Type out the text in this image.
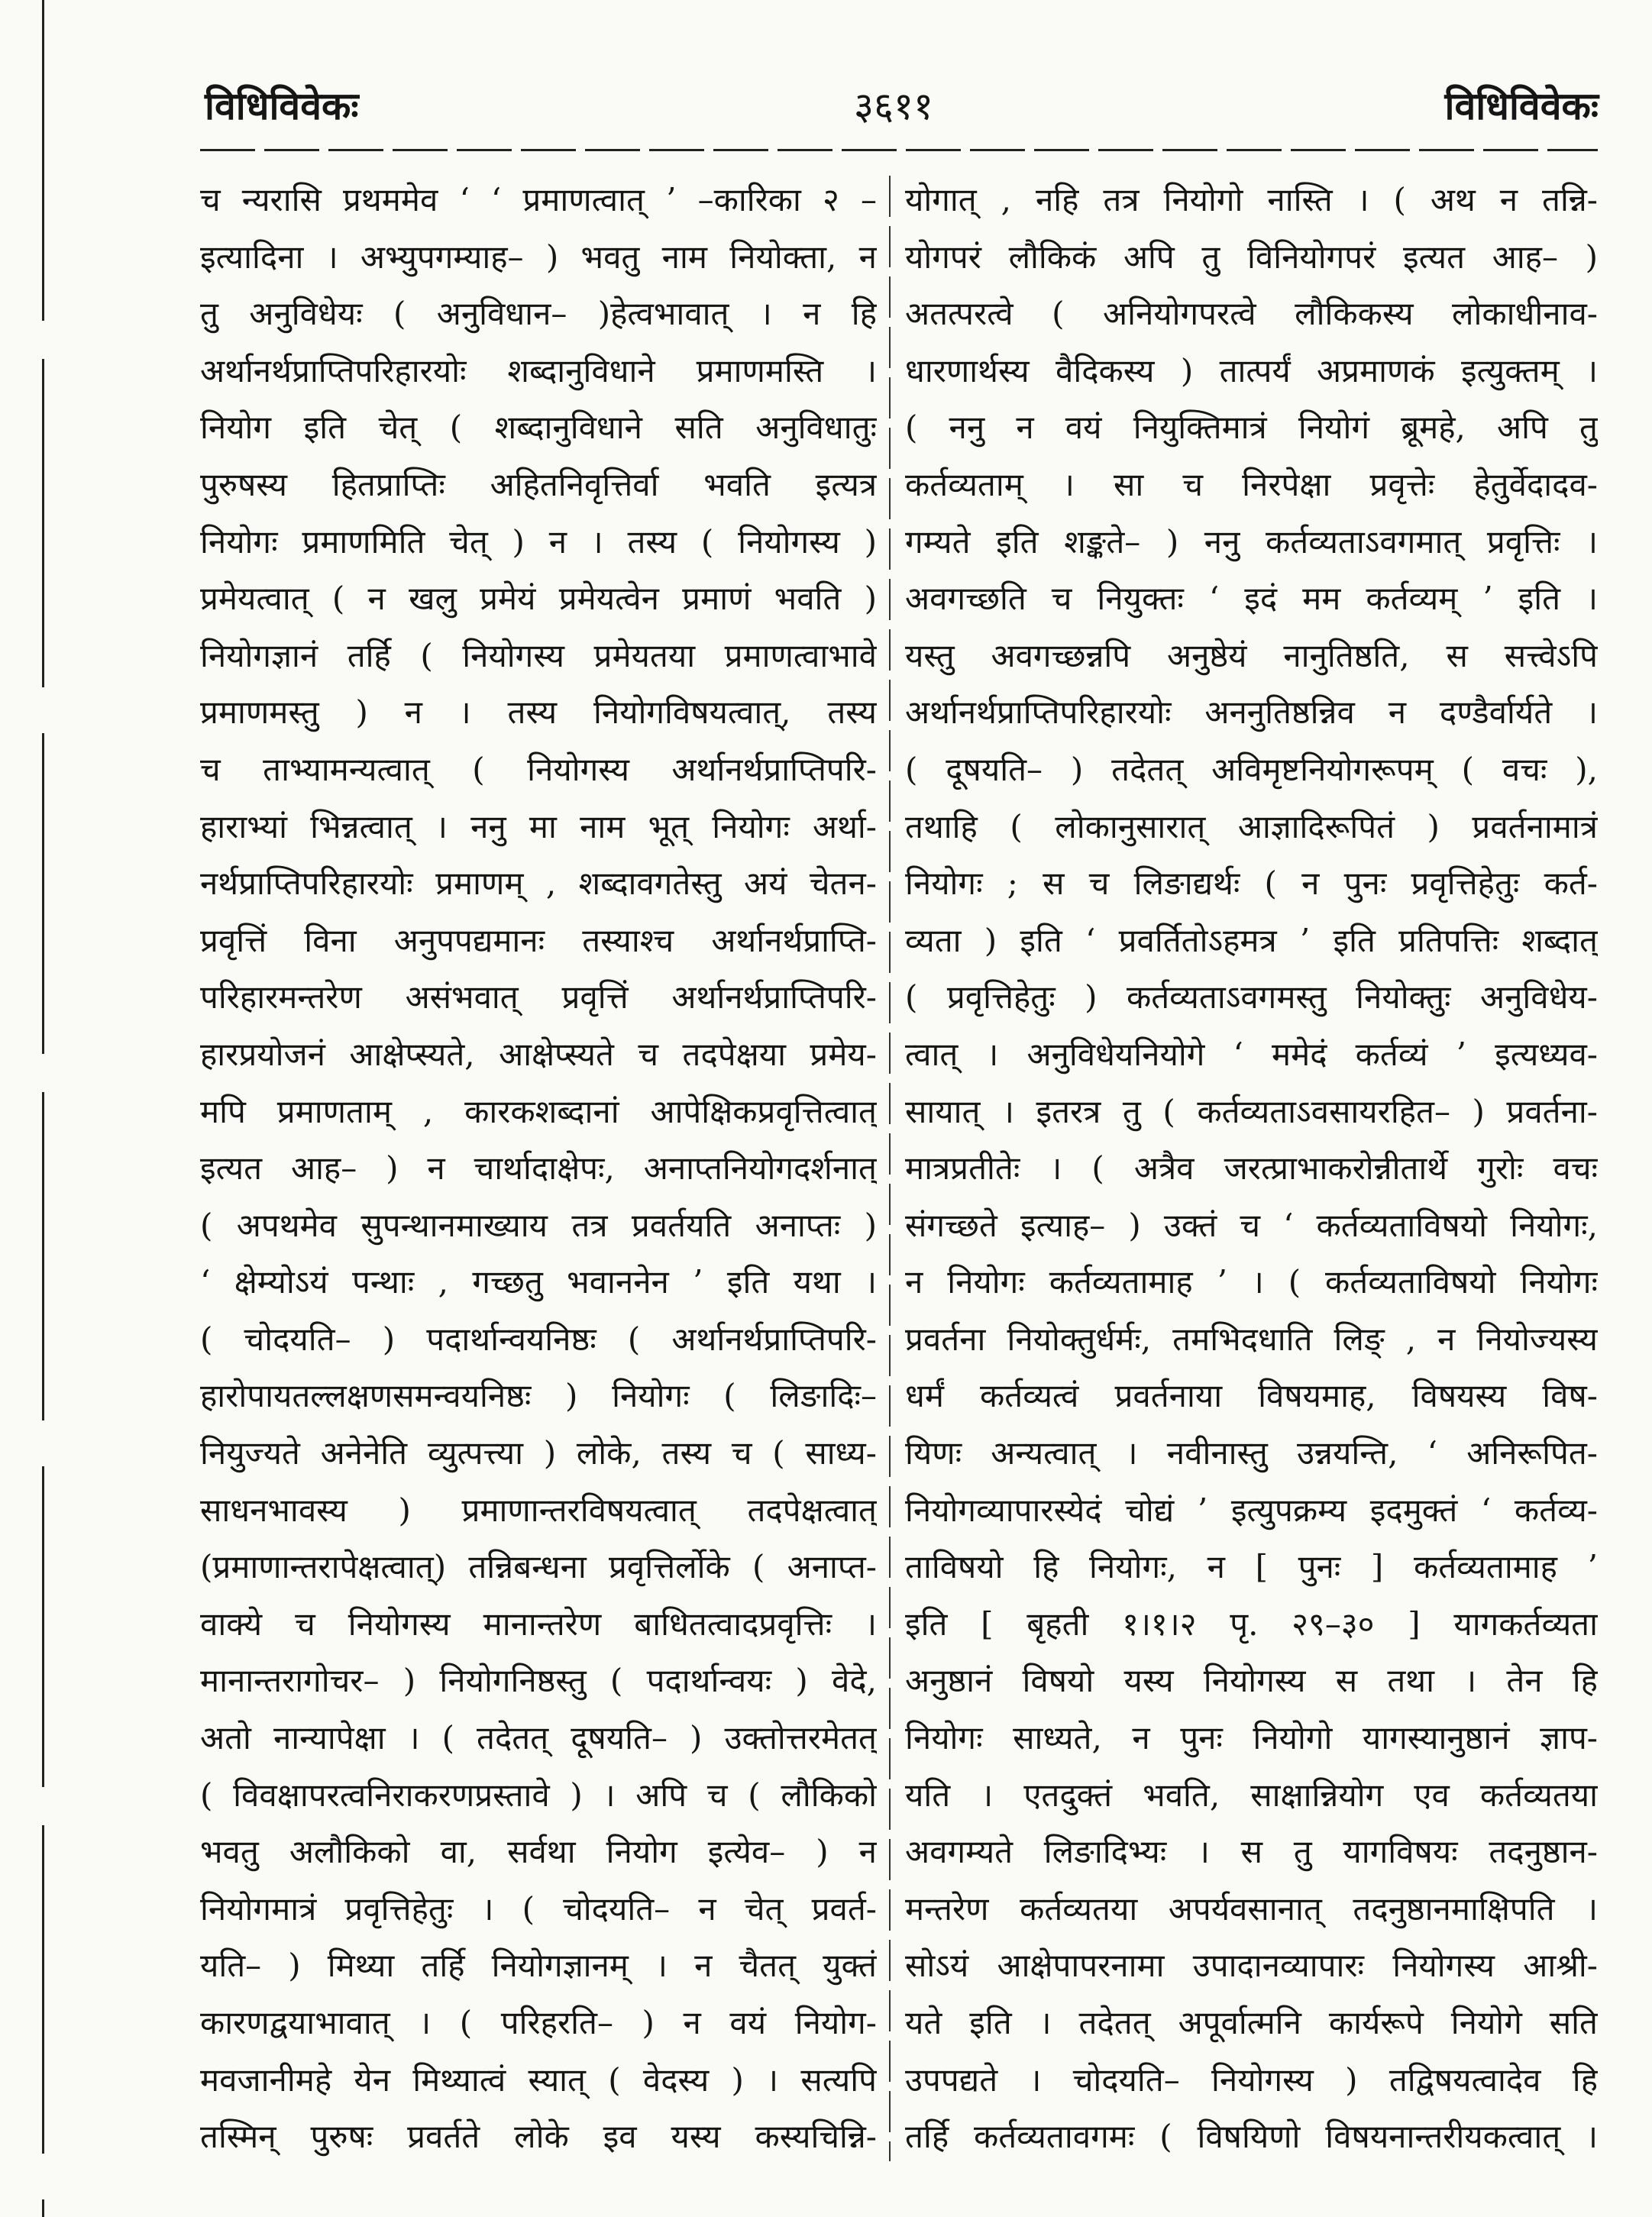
विधिविवेकः	३६११	विधिविवेकः
च न्यरासि प्रथममेव ‘ ‘ प्रमाणत्वात् ’ –कारिका २ –
इत्यादिना । अभ्युपगम्याह– ) भवतु नाम नियोक्ता, न
तु अनुविधेयः ( अनुविधान– )हेत्वभावात् । न हि
अर्थानर्थप्राप्तिपरिहारयोः शब्दानुविधाने प्रमाणमस्ति ।
नियोग इति चेत् ( शब्दानुविधाने सति अनुविधातुः
पुरुषस्य हितप्राप्तिः अहितनिवृत्तिर्वा भवति इत्यत्र
नियोगः प्रमाणमिति चेत् ) न । तस्य ( नियोगस्य )
प्रमेयत्वात् ( न खलु प्रमेयं प्रमेयत्वेन प्रमाणं भवति )
नियोगज्ञानं तर्हि ( नियोगस्य प्रमेयतया प्रमाणत्वाभावे
प्रमाणमस्तु ) न । तस्य नियोगविषयत्वात्, तस्य
च ताभ्यामन्यत्वात् ( नियोगस्य अर्थानर्थप्राप्तिपरि-
हाराभ्यां भिन्नत्वात् । ननु मा नाम भूत् नियोगः अर्था-
नर्थप्राप्तिपरिहारयोः प्रमाणम् , शब्दावगतेस्तु अयं चेतन-
प्रवृत्तिं विना अनुपपद्यमानः तस्याश्च अर्थानर्थप्राप्ति-
परिहारमन्तरेण असंभवात् प्रवृत्तिं अर्थानर्थप्राप्तिपरि-
हारप्रयोजनं आक्षेप्स्यते, आक्षेप्स्यते च तदपेक्षया प्रमेय-
मपि प्रमाणताम् , कारकशब्दानां आपेक्षिकप्रवृत्तित्वात्
इत्यत आह– ) न चार्थादाक्षेपः, अनाप्तनियोगदर्शनात्
( अपथमेव सुपन्थानमाख्याय तत्र प्रवर्तयति अनाप्तः )
‘ क्षेम्योऽयं पन्थाः , गच्छतु भवाननेन ’ इति यथा ।
( चोदयति– ) पदार्थान्वयनिष्ठः ( अर्थानर्थप्राप्तिपरि-
हारोपायतल्लक्षणसमन्वयनिष्ठः ) नियोगः ( लिङादिः–
नियुज्यते अनेनेति व्युत्पत्त्या ) लोके, तस्य च ( साध्य-
साधनभावस्य ) प्रमाणान्तरविषयत्वात् तदपेक्षत्वात्
(प्रमाणान्तरापेक्षत्वात्) तन्निबन्धना प्रवृत्तिर्लोके ( अनाप्त-
वाक्ये च नियोगस्य मानान्तरेण बाधितत्वादप्रवृत्तिः ।
मानान्तरागोचर– ) नियोगनिष्ठस्तु ( पदार्थान्वयः ) वेदे,
अतो नान्यापेक्षा । ( तदेतत् दूषयति– ) उक्तोत्तरमेतत्
( विवक्षापरत्वनिराकरणप्रस्तावे ) । अपि च ( लौकिको
भवतु अलौकिको वा, सर्वथा नियोग इत्येव– ) न
नियोगमात्रं प्रवृत्तिहेतुः । ( चोदयति– न चेत् प्रवर्त-
यति– ) मिथ्या तर्हि नियोगज्ञानम् । न चैतत् युक्तं
कारणद्वयाभावात् । ( परिहरति– ) न वयं नियोग-
मवजानीमहे येन मिथ्यात्वं स्यात् ( वेदस्य ) । सत्यपि
तस्मिन् पुरुषः प्रवर्तते लोके इव यस्य कस्यचिन्नि-
योगात् , नहि तत्र नियोगो नास्ति । ( अथ न तन्नि-
योगपरं लौकिकं अपि तु विनियोगपरं इत्यत आह– )
अतत्परत्वे ( अनियोगपरत्वे लौकिकस्य लोकाधीनाव-
धारणार्थस्य वैदिकस्य ) तात्पर्यं अप्रमाणकं इत्युक्तम् ।
( ननु न वयं नियुक्तिमात्रं नियोगं ब्रूमहे, अपि तु
कर्तव्यताम् । सा च निरपेक्षा प्रवृत्तेः हेतुर्वेदादव-
गम्यते इति शङ्कते– ) ननु कर्तव्यताऽवगमात् प्रवृत्तिः ।
अवगच्छति च नियुक्तः ‘ इदं मम कर्तव्यम् ’ इति ।
यस्तु अवगच्छन्नपि अनुष्ठेयं नानुतिष्ठति, स सत्त्वेऽपि
अर्थानर्थप्राप्तिपरिहारयोः अननुतिष्ठन्निव न दण्डैर्वार्यते ।
( दूषयति– ) तदेतत् अविमृष्टनियोगरूपम् ( वचः ),
तथाहि ( लोकानुसारात् आज्ञादिरूपितं ) प्रवर्तनामात्रं
नियोगः ; स च लिङाद्यर्थः ( न पुनः प्रवृत्तिहेतुः कर्त-
व्यता ) इति ‘ प्रवर्तितोऽहमत्र ’ इति प्रतिपत्तिः शब्दात्
( प्रवृत्तिहेतुः ) कर्तव्यताऽवगमस्तु नियोक्तुः अनुविधेय-
त्वात् । अनुविधेयनियोगे ‘ ममेदं कर्तव्यं ’ इत्यध्यव-
सायात् । इतरत्र तु ( कर्तव्यताऽवसायरहित– ) प्रवर्तना-
मात्रप्रतीतेः । ( अत्रैव जरत्प्राभाकरोन्नीतार्थे गुरोः वचः
संगच्छते इत्याह– ) उक्तं च ‘ कर्तव्यताविषयो नियोगः,
न नियोगः कर्तव्यतामाह ’ । ( कर्तव्यताविषयो नियोगः
प्रवर्तना नियोक्तुर्धर्मः, तमभिदधाति लिङ् , न नियोज्यस्य
धर्मं कर्तव्यत्वं प्रवर्तनाया विषयमाह, विषयस्य विष-
यिणः अन्यत्वात् । नवीनास्तु उन्नयन्ति, ‘ अनिरूपित-
नियोगव्यापारस्येदं चोद्यं ’ इत्युपक्रम्य इदमुक्तं ‘ कर्तव्य-
ताविषयो हि नियोगः, न [ पुनः ] कर्तव्यतामाह ’
इति [ बृहती १।१।२ पृ. २९–३० ] यागकर्तव्यता
अनुष्ठानं विषयो यस्य नियोगस्य स तथा । तेन हि
नियोगः साध्यते, न पुनः नियोगो यागस्यानुष्ठानं ज्ञाप-
यति । एतदुक्तं भवति, साक्षान्नियोग एव कर्तव्यतया
अवगम्यते लिङादिभ्यः । स तु यागविषयः तदनुष्ठान-
मन्तरेण कर्तव्यतया अपर्यवसानात् तदनुष्ठानमाक्षिपति ।
सोऽयं आक्षेपापरनामा उपादानव्यापारः नियोगस्य आश्री-
यते इति । तदेतत् अपूर्वात्मनि कार्यरूपे नियोगे सति
उपपद्यते । चोदयति– नियोगस्य ) तद्विषयत्वादेव हि
तर्हि कर्तव्यतावगमः ( विषयिणो विषयनान्तरीयकत्वात् ।
